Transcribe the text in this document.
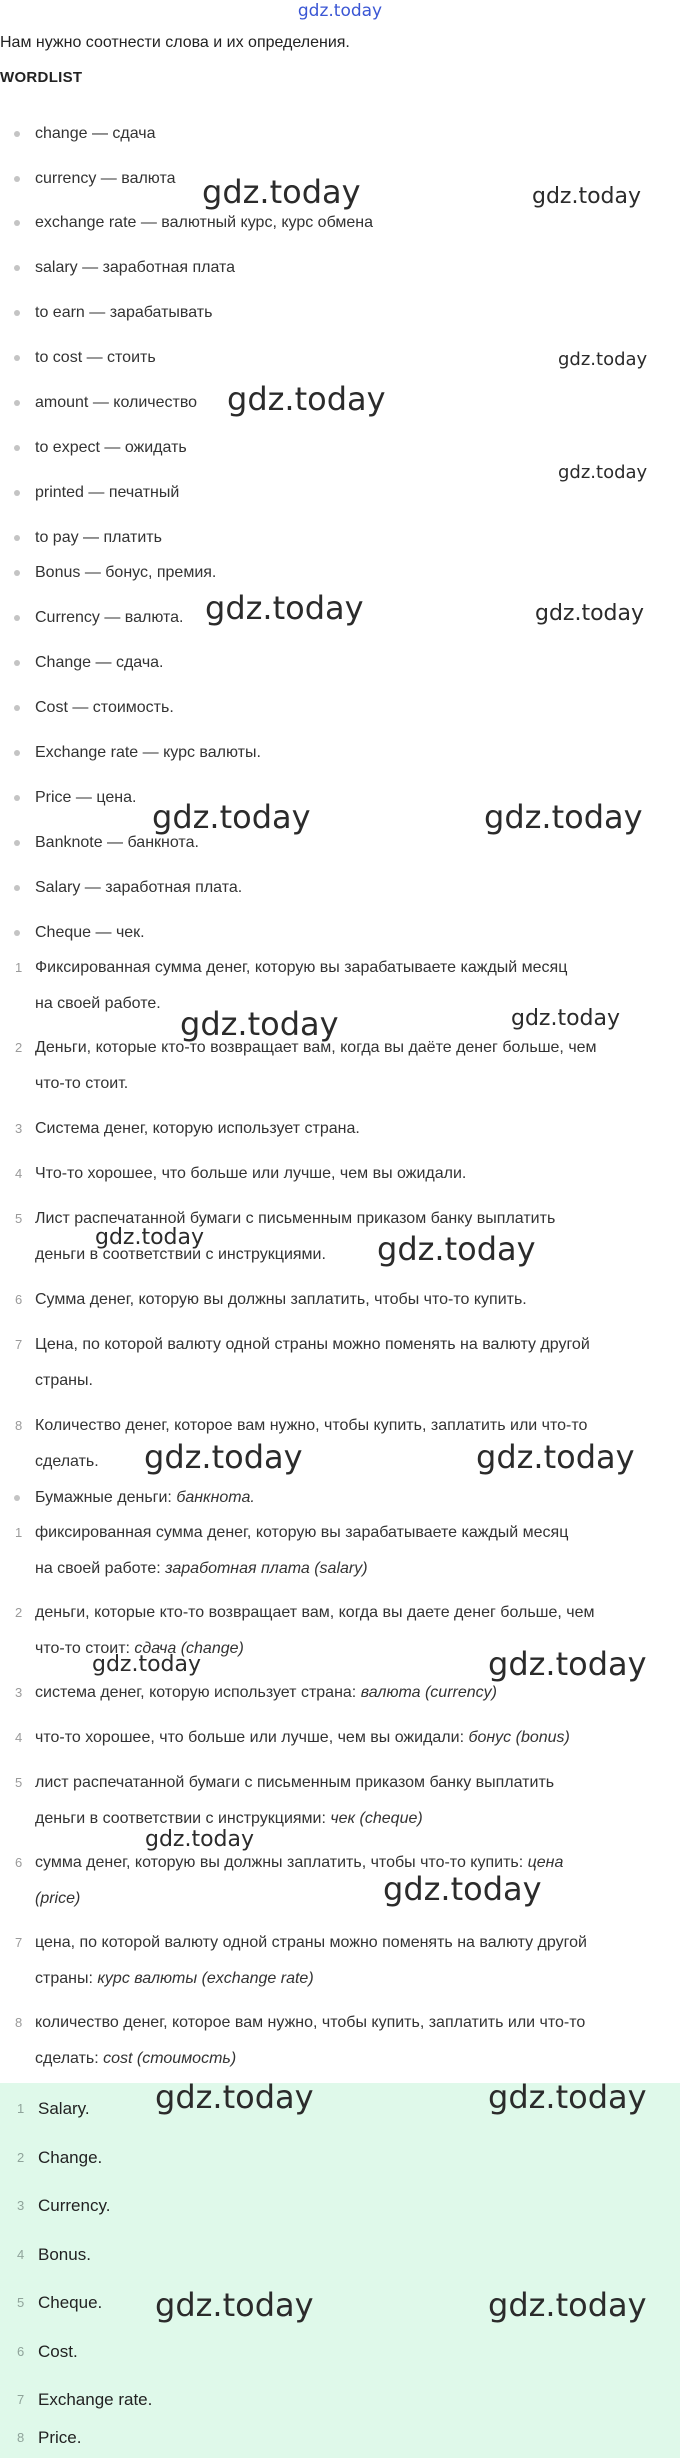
gdz.today
Нам нужно соотнести слова и их определения.
WORDLIST
change — сдача
currency — валюта
exchange rate — валютный курс, курс обмена
salary — заработная плата
to earn — зарабатывать
to cost — стоить
amount — количество
to expect — ожидать
printed — печатный
to pay — платить
Bonus — бонус, премия.
Currency — валюта.
Change — сдача.
Cost — стоимость.
Exchange rate — курс валюты.
Price — цена.
Banknote — банкнота.
Salary — заработная плата.
Cheque — чек.
1 Фиксированная сумма денег, которую вы зарабатываете каждый месяц
на своей работе.
2 Деньги, которые кто-то возвращает вам, когда вы даёте денег больше, чем
что-то стоит.
3 Система денег, которую использует страна.
4 Что-то хорошее, что больше или лучше, чем вы ожидали.
5 Лист распечатанной бумаги с письменным приказом банку выплатить
деньги в соответствии с инструкциями.
6 Сумма денег, которую вы должны заплатить, чтобы что-то купить.
7 Цена, по которой валюту одной страны можно поменять на валюту другой
страны.
8 Количество денег, которое вам нужно, чтобы купить, заплатить или что-то
сделать.
Бумажные деньги: банкнота.
1 фиксированная сумма денег, которую вы зарабатываете каждый месяц
на своей работе: заработная плата (salary)
2 деньги, которые кто-то возвращает вам, когда вы даете денег больше, чем
что-то стоит: сдача (change)
3 система денег, которую использует страна: валюта (currency)
4 что-то хорошее, что больше или лучше, чем вы ожидали: бонус (bonus)
5 лист распечатанной бумаги с письменным приказом банку выплатить
деньги в соответствии с инструкциями: чек (cheque)
6 сумма денег, которую вы должны заплатить, чтобы что-то купить: цена
(price)
7 цена, по которой валюту одной страны можно поменять на валюту другой
страны: курс валюты (exchange rate)
8 количество денег, которое вам нужно, чтобы купить, заплатить или что-то
сделать: cost (стоимость)
1 Salary.
2 Change.
3 Currency.
4 Bonus.
5 Cheque.
6 Cost.
7 Exchange rate.
8 Price.
gdz.today	gdz.today
gdz.today
gdz.today
gdz.today
gdz.today	gdz.today
gdz.today	gdz.today
gdz.today	gdz.today
gdz.today	gdz.today
gdz.today	gdz.today
gdz.today	gdz.today
gdz.today
gdz.today
gdz.today	gdz.today
gdz.today	gdz.today
